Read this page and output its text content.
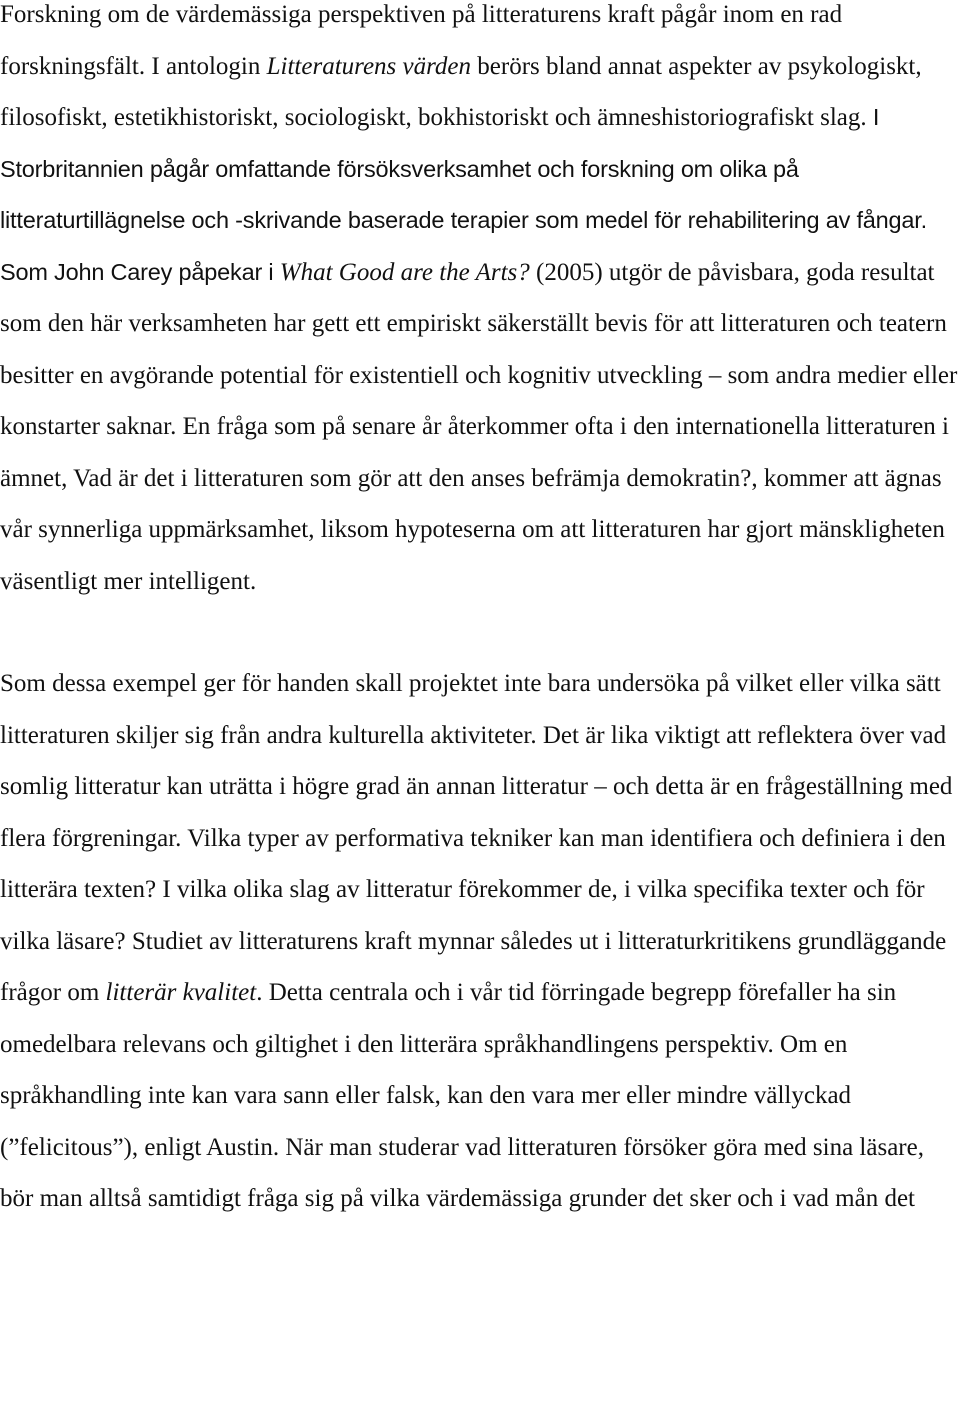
Forskning om de värdemässiga perspektiven på litteraturens kraft pågår inom en rad forskningsfält. I antologin Litteraturens värden berörs bland annat aspekter av psykologiskt, filosofiskt, estetikhistoriskt, sociologiskt, bokhistoriskt och ämneshistoriografiskt slag. I Storbritannien pågår omfattande försöksverksamhet och forskning om olika på litteraturtillägnelse och -skrivande baserade terapier som medel för rehabilitering av fångar. Som John Carey påpekar i What Good are the Arts? (2005) utgör de påvisbara, goda resultat som den här verksamheten har gett ett empiriskt säkerställt bevis för att litteraturen och teatern besitter en avgörande potential för existentiell och kognitiv utveckling – som andra medier eller konstarter saknar. En fråga som på senare år återkommer ofta i den internationella litteraturen i ämnet, Vad är det i litteraturen som gör att den anses befrämja demokratin?, kommer att ägnas vår synnerliga uppmärksamhet, liksom hypoteserna om att litteraturen har gjort mänskligheten väsentligt mer intelligent.

Som dessa exempel ger för handen skall projektet inte bara undersöka på vilket eller vilka sätt litteraturen skiljer sig från andra kulturella aktiviteter. Det är lika viktigt att reflektera över vad somlig litteratur kan uträtta i högre grad än annan litteratur – och detta är en frågeställning med flera förgreningar. Vilka typer av performativa tekniker kan man identifiera och definiera i den litterära texten? I vilka olika slag av litteratur förekommer de, i vilka specifika texter och för vilka läsare? Studiet av litteraturens kraft mynnar således ut i litteraturkritikens grundläggande frågor om litterär kvalitet. Detta centrala och i vår tid förringade begrepp förefaller ha sin omedelbara relevans och giltighet i den litterära språkhandlingens perspektiv. Om en språkhandling inte kan vara sann eller falsk, kan den vara mer eller mindre vällyckad (”felicitous”), enligt Austin. När man studerar vad litteraturen försöker göra med sina läsare, bör man alltså samtidigt fråga sig på vilka värdemässiga grunder det sker och i vad mån det
